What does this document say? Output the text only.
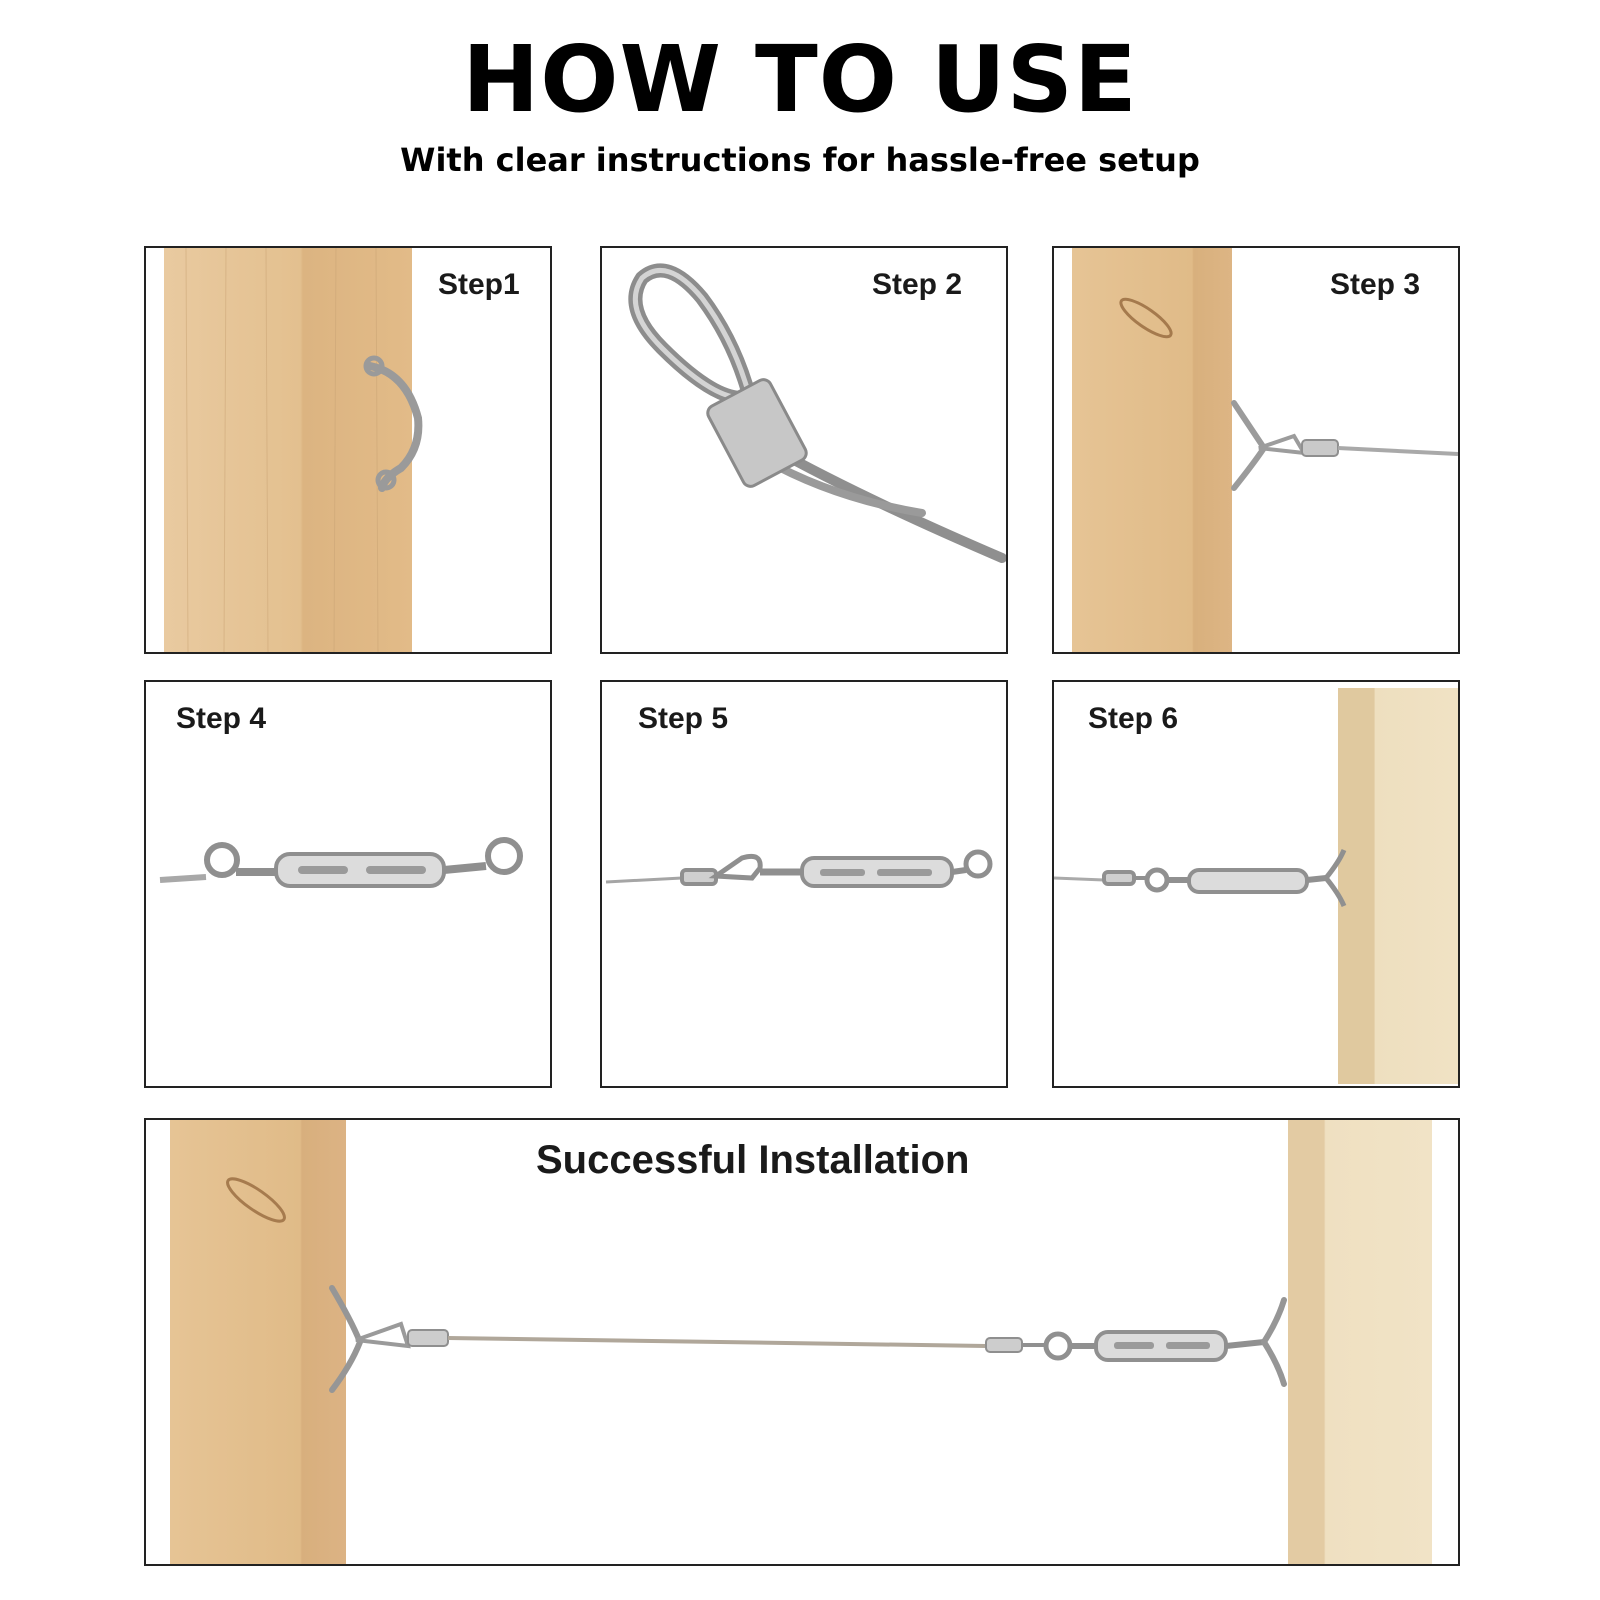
HOW TO USE
With clear instructions for hassle-free setup
Step1	Step 2	Step 3
Step 4	Step 5	Step 6
Successful Installation
